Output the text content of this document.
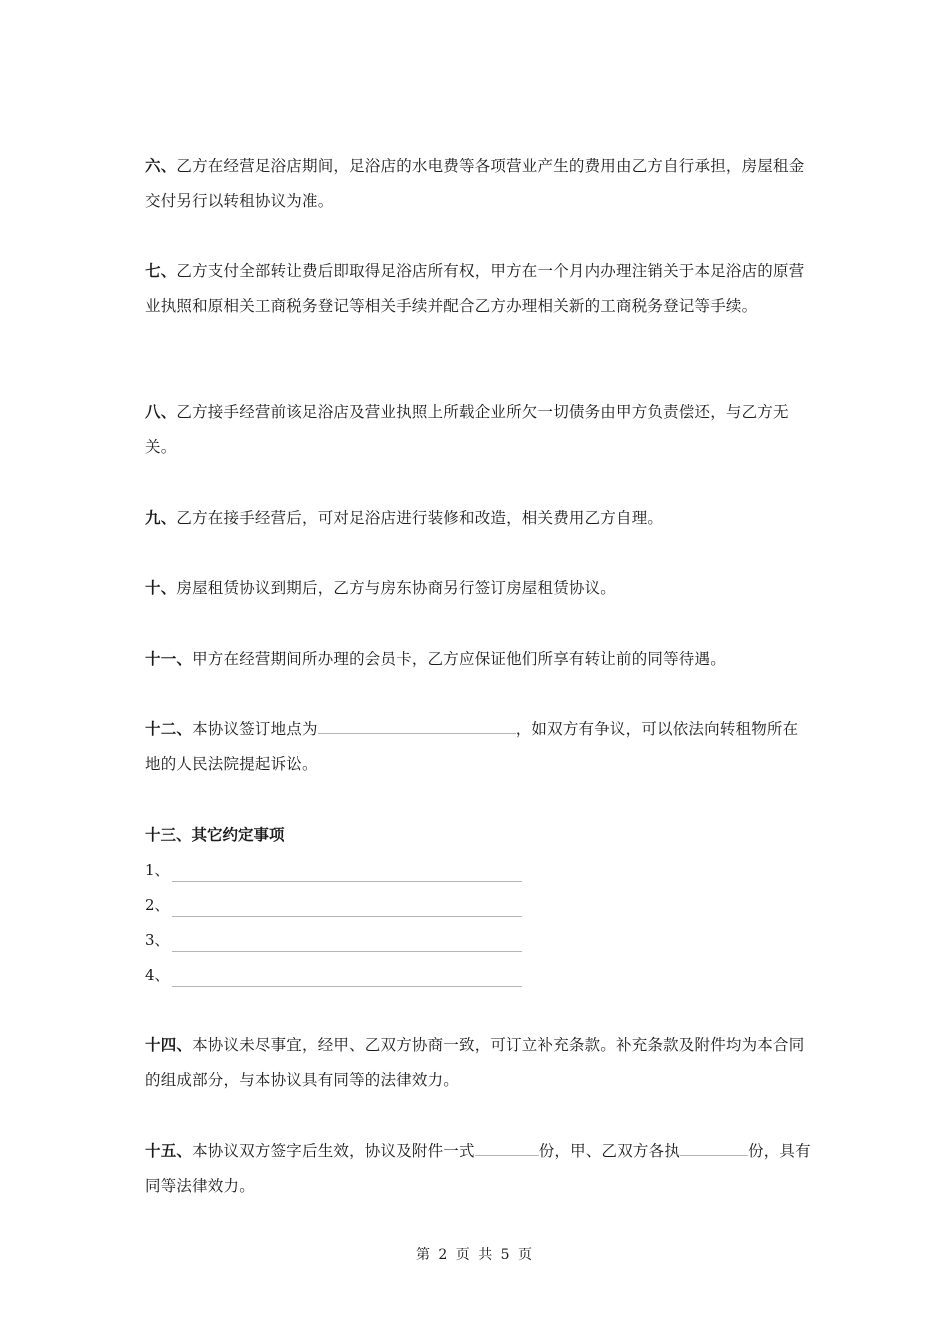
六、乙方在经营足浴店期间，足浴店的水电费等各项营业产生的费用由乙方自行承担，房屋租金交付另行以转租协议为准。
七、乙方支付全部转让费后即取得足浴店所有权，甲方在一个月内办理注销关于本足浴店的原营业执照和原相关工商税务登记等相关手续并配合乙方办理相关新的工商税务登记等手续。
八、乙方接手经营前该足浴店及营业执照上所载企业所欠一切债务由甲方负责偿还，与乙方无关。
九、乙方在接手经营后，可对足浴店进行装修和改造，相关费用乙方自理。
十、房屋租赁协议到期后，乙方与房东协商另行签订房屋租赁协议。
十一、甲方在经营期间所办理的会员卡，乙方应保证他们所享有转让前的同等待遇。
十二、本协议签订地点为	，如双方有争议，可以依法向转租物所在地的人民法院提起诉讼。
十三、其它约定事项
1、
2、
3、
4、
十四、本协议未尽事宜，经甲、乙双方协商一致，可订立补充条款。补充条款及附件均为本合同的组成部分，与本协议具有同等的法律效力。
十五、本协议双方签字后生效，协议及附件一式	份，甲、乙双方各执	份，具有同等法律效力。
第 2 页 共 5 页
